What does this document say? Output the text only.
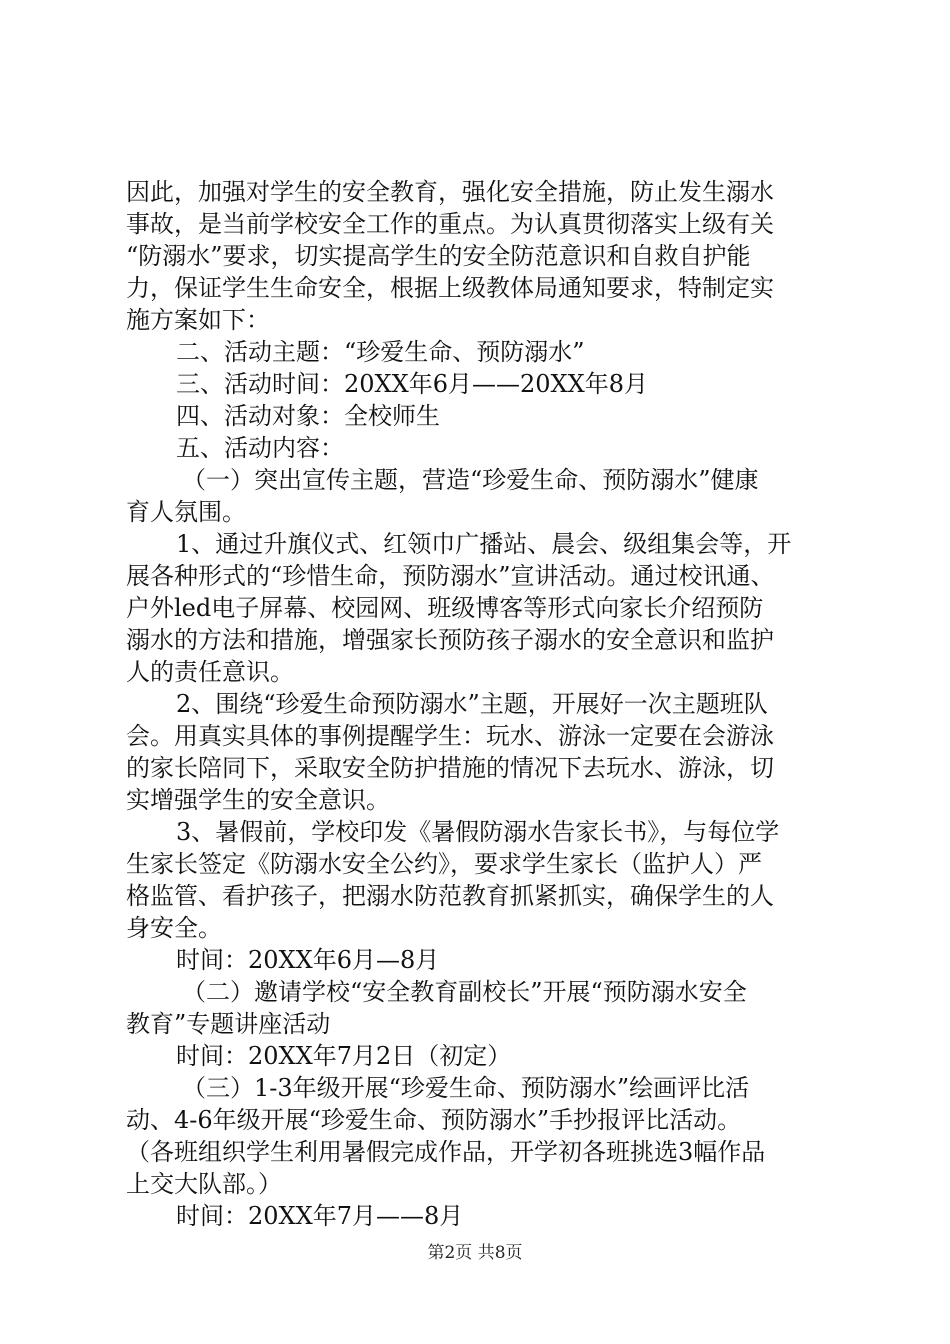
因此，加强对学生的安全教育，强化安全措施，防止发生溺水
事故，是当前学校安全工作的重点。为认真贯彻落实上级有关
“防溺水”要求，切实提高学生的安全防范意识和自救自护能
力，保证学生生命安全，根据上级教体局通知要求，特制定实
施方案如下：
二、活动主题：“珍爱生命、预防溺水”
三、活动时间：20XX年6月——20XX年8月
四、活动对象：全校师生
五、活动内容：
（一）突出宣传主题，营造“珍爱生命、预防溺水”健康
育人氛围。
1、通过升旗仪式、红领巾广播站、晨会、级组集会等，开
展各种形式的“珍惜生命，预防溺水”宣讲活动。通过校讯通、
户外led电子屏幕、校园网、班级博客等形式向家长介绍预防
溺水的方法和措施，增强家长预防孩子溺水的安全意识和监护
人的责任意识。
2、围绕“珍爱生命预防溺水”主题，开展好一次主题班队
会。用真实具体的事例提醒学生：玩水、游泳一定要在会游泳
的家长陪同下，采取安全防护措施的情况下去玩水、游泳，切
实增强学生的安全意识。
3、暑假前，学校印发《暑假防溺水告家长书》，与每位学
生家长签定《防溺水安全公约》，要求学生家长（监护人）严
格监管、看护孩子，把溺水防范教育抓紧抓实，确保学生的人
身安全。
时间：20XX年6月—8月
（二）邀请学校“安全教育副校长”开展“预防溺水安全
教育”专题讲座活动
时间：20XX年7月2日（初定）
（三）1-3年级开展“珍爱生命、预防溺水”绘画评比活
动、4-6年级开展“珍爱生命、预防溺水”手抄报评比活动。
（各班组织学生利用暑假完成作品，开学初各班挑选3幅作品
上交大队部。）
时间：20XX年7月——8月
第2页 共8页
